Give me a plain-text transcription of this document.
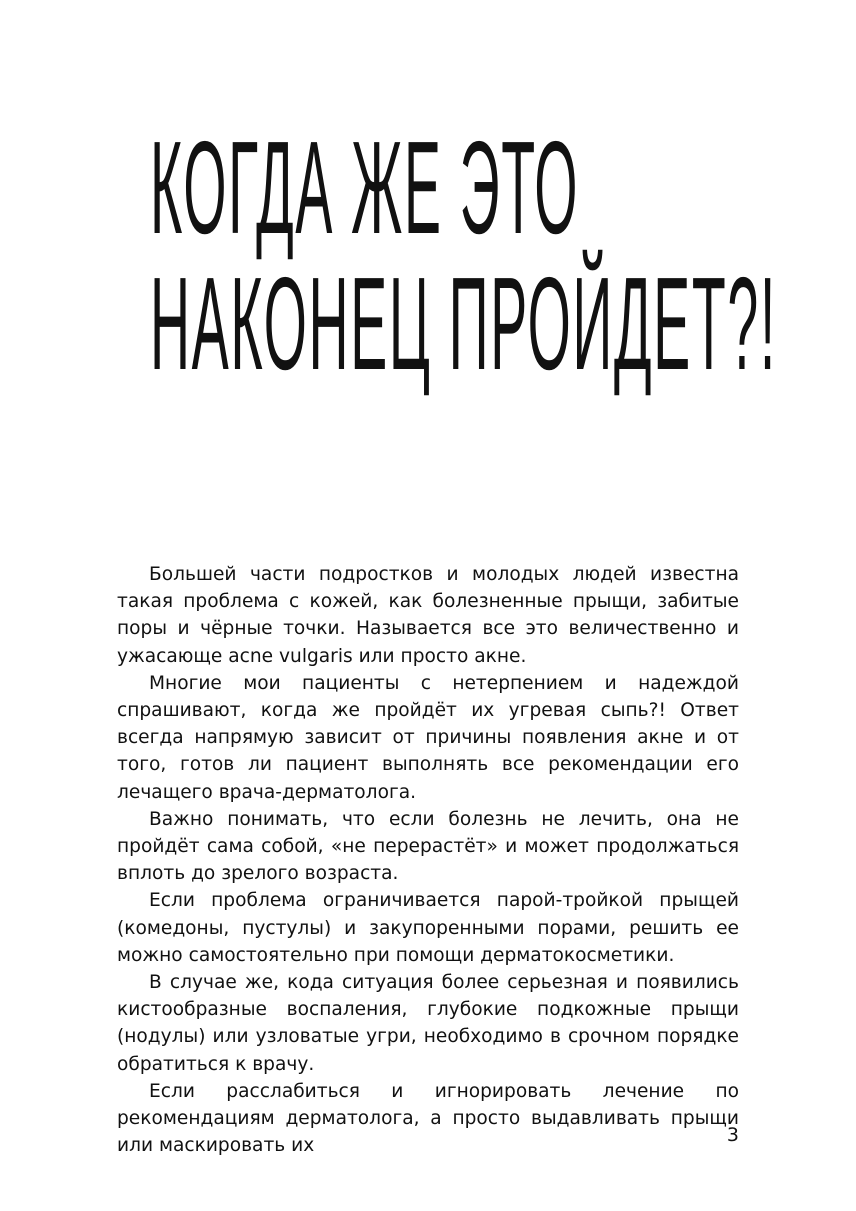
КОГДА ЖЕ ЭТО
НАКОНЕЦ ПРОЙДЕТ?!

Большей части подростков и молодых людей известна такая проблема с кожей, как болезненные прыщи, забитые поры и чёрные точки. Называется все это величественно и ужасающе acne vulgaris или просто акне.

Многие мои пациенты с нетерпением и надеждой спрашивают, когда же пройдёт их угревая сыпь?! Ответ всегда напрямую зависит от причины появления акне и от того, готов ли пациент выполнять все рекомендации его лечащего врача-дерматолога.

Важно понимать, что если болезнь не лечить, она не пройдёт сама собой, «не перерастёт» и может продолжаться вплоть до зрелого возраста.

Если проблема ограничивается парой-тройкой прыщей (комедоны, пустулы) и закупоренными порами, решить ее можно самостоятельно при помощи дерматокосметики.

В случае же, кода ситуация более серьезная и появились кистообразные воспаления, глубокие подкожные прыщи (нодулы) или узловатые угри, необходимо в срочном порядке обратиться к врачу.

Если расслабиться и игнорировать лечение по рекомендациям дерматолога, а просто выдавливать прыщи или маскировать их	3
